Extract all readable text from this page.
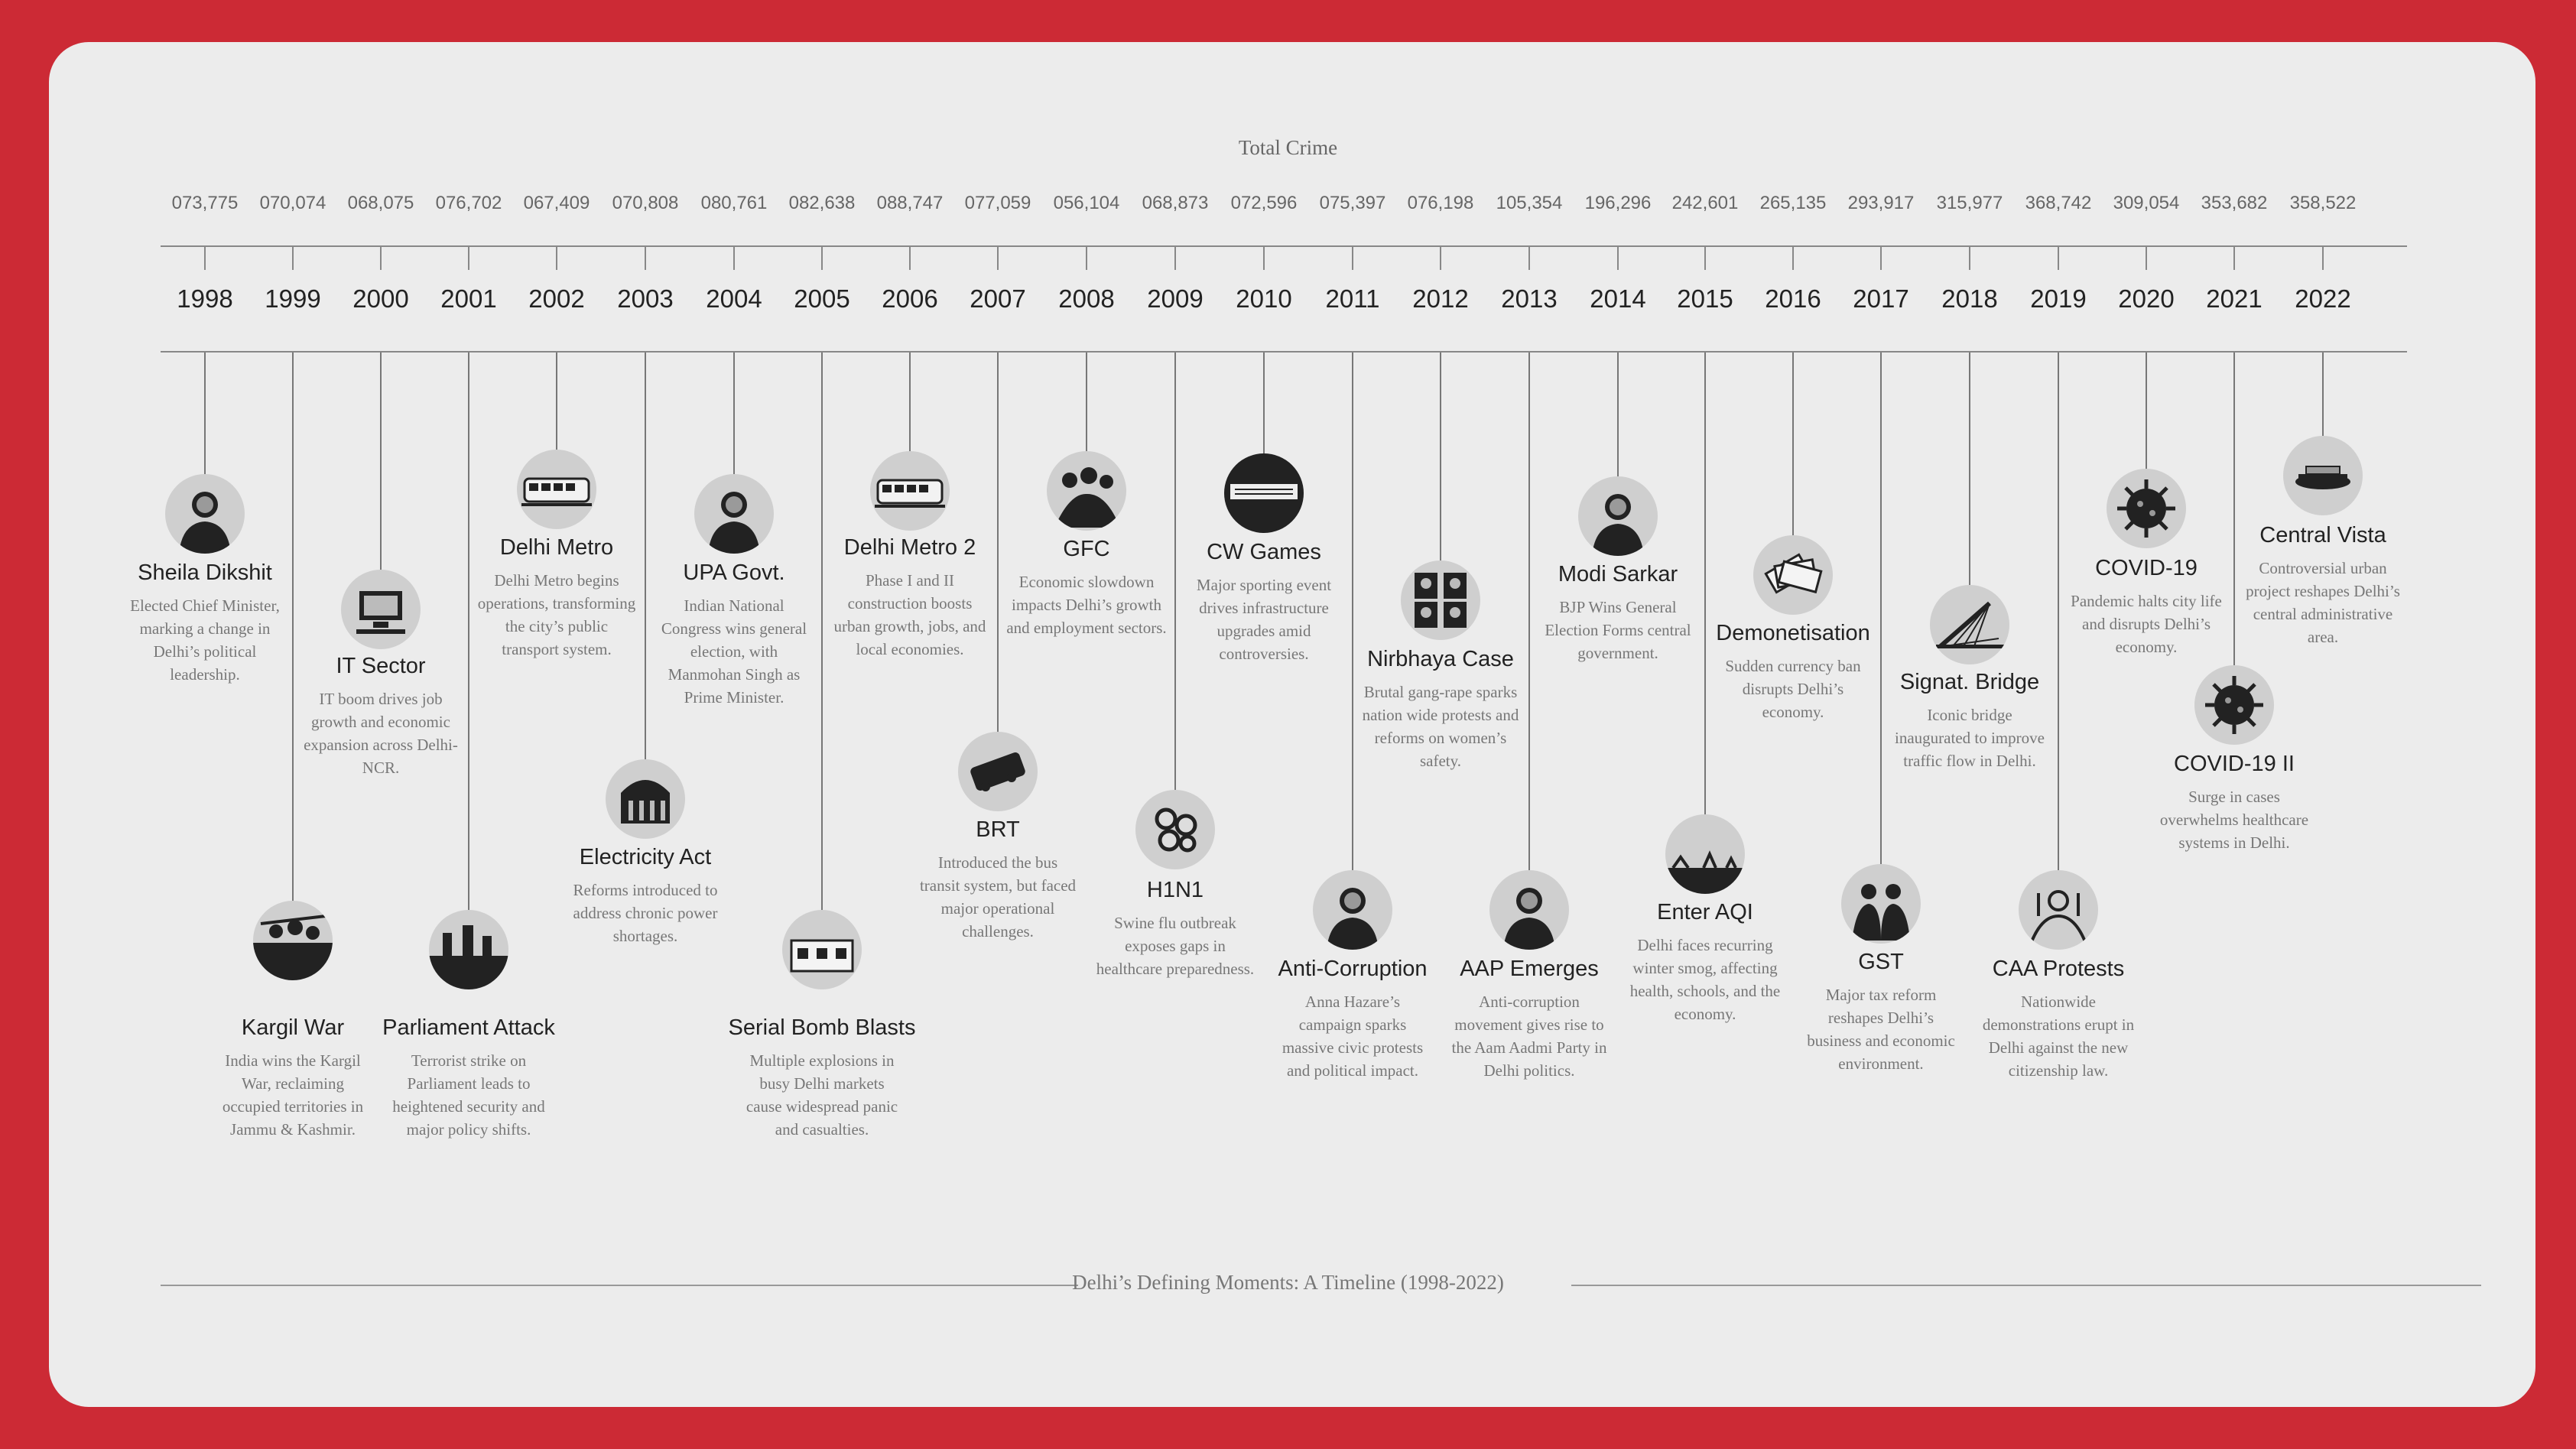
Total Crime
073,775
1998
Sheila Dikshit
Elected Chief Minister, marking a change in Delhi’s political leadership.
070,074
1999
Kargil War
India wins the Kargil War, reclaiming occupied territories in Jammu & Kashmir.
068,075
2000
IT Sector
IT boom drives job growth and economic expansion across Delhi-NCR.
076,702
2001
Parliament Attack
Terrorist strike on Parliament leads to heightened security and major policy shifts.
067,409
2002
Delhi Metro
Delhi Metro begins operations, transforming the city’s public transport system.
070,808
2003
Electricity Act
Reforms introduced to address chronic power shortages.
080,761
2004
UPA Govt.
Indian National Congress wins general election, with Manmohan Singh as Prime Minister.
082,638
2005
Serial Bomb Blasts
Multiple explosions in busy Delhi markets cause widespread panic and casualties.
088,747
2006
Delhi Metro 2
Phase I and II construction boosts urban growth, jobs, and local economies.
077,059
2007
BRT
Introduced the bus transit system, but faced major operational challenges.
056,104
2008
GFC
Economic slowdown impacts Delhi’s growth and employment sectors.
068,873
2009
H1N1
Swine flu outbreak exposes gaps in healthcare preparedness.
072,596
2010
CW Games
Major sporting event drives infrastructure upgrades amid controversies.
075,397
2011
Anti-Corruption
Anna Hazare’s campaign sparks massive civic protests and political impact.
076,198
2012
Nirbhaya Case
Brutal gang-rape sparks nation wide protests and reforms on women’s safety.
105,354
2013
AAP Emerges
Anti-corruption movement gives rise to the Aam Aadmi Party in Delhi politics.
196,296
2014
Modi Sarkar
BJP Wins General Election Forms central government.
242,601
2015
Enter AQI
Delhi faces recurring winter smog, affecting health, schools, and the economy.
265,135
2016
Demonetisation
Sudden currency ban disrupts Delhi’s economy.
293,917
2017
GST
Major tax reform reshapes Delhi’s business and economic environment.
315,977
2018
Signat. Bridge
Iconic bridge inaugurated to improve traffic flow in Delhi.
368,742
2019
CAA Protests
Nationwide demonstrations erupt in Delhi against the new citizenship law.
309,054
2020
COVID-19
Pandemic halts city life and disrupts Delhi’s economy.
353,682
2021
COVID-19 II
Surge in cases overwhelms healthcare systems in Delhi.
358,522
2022
Central Vista
Controversial urban project reshapes Delhi’s central administrative area.
Delhi’s Defining Moments: A Timeline (1998-2022)
